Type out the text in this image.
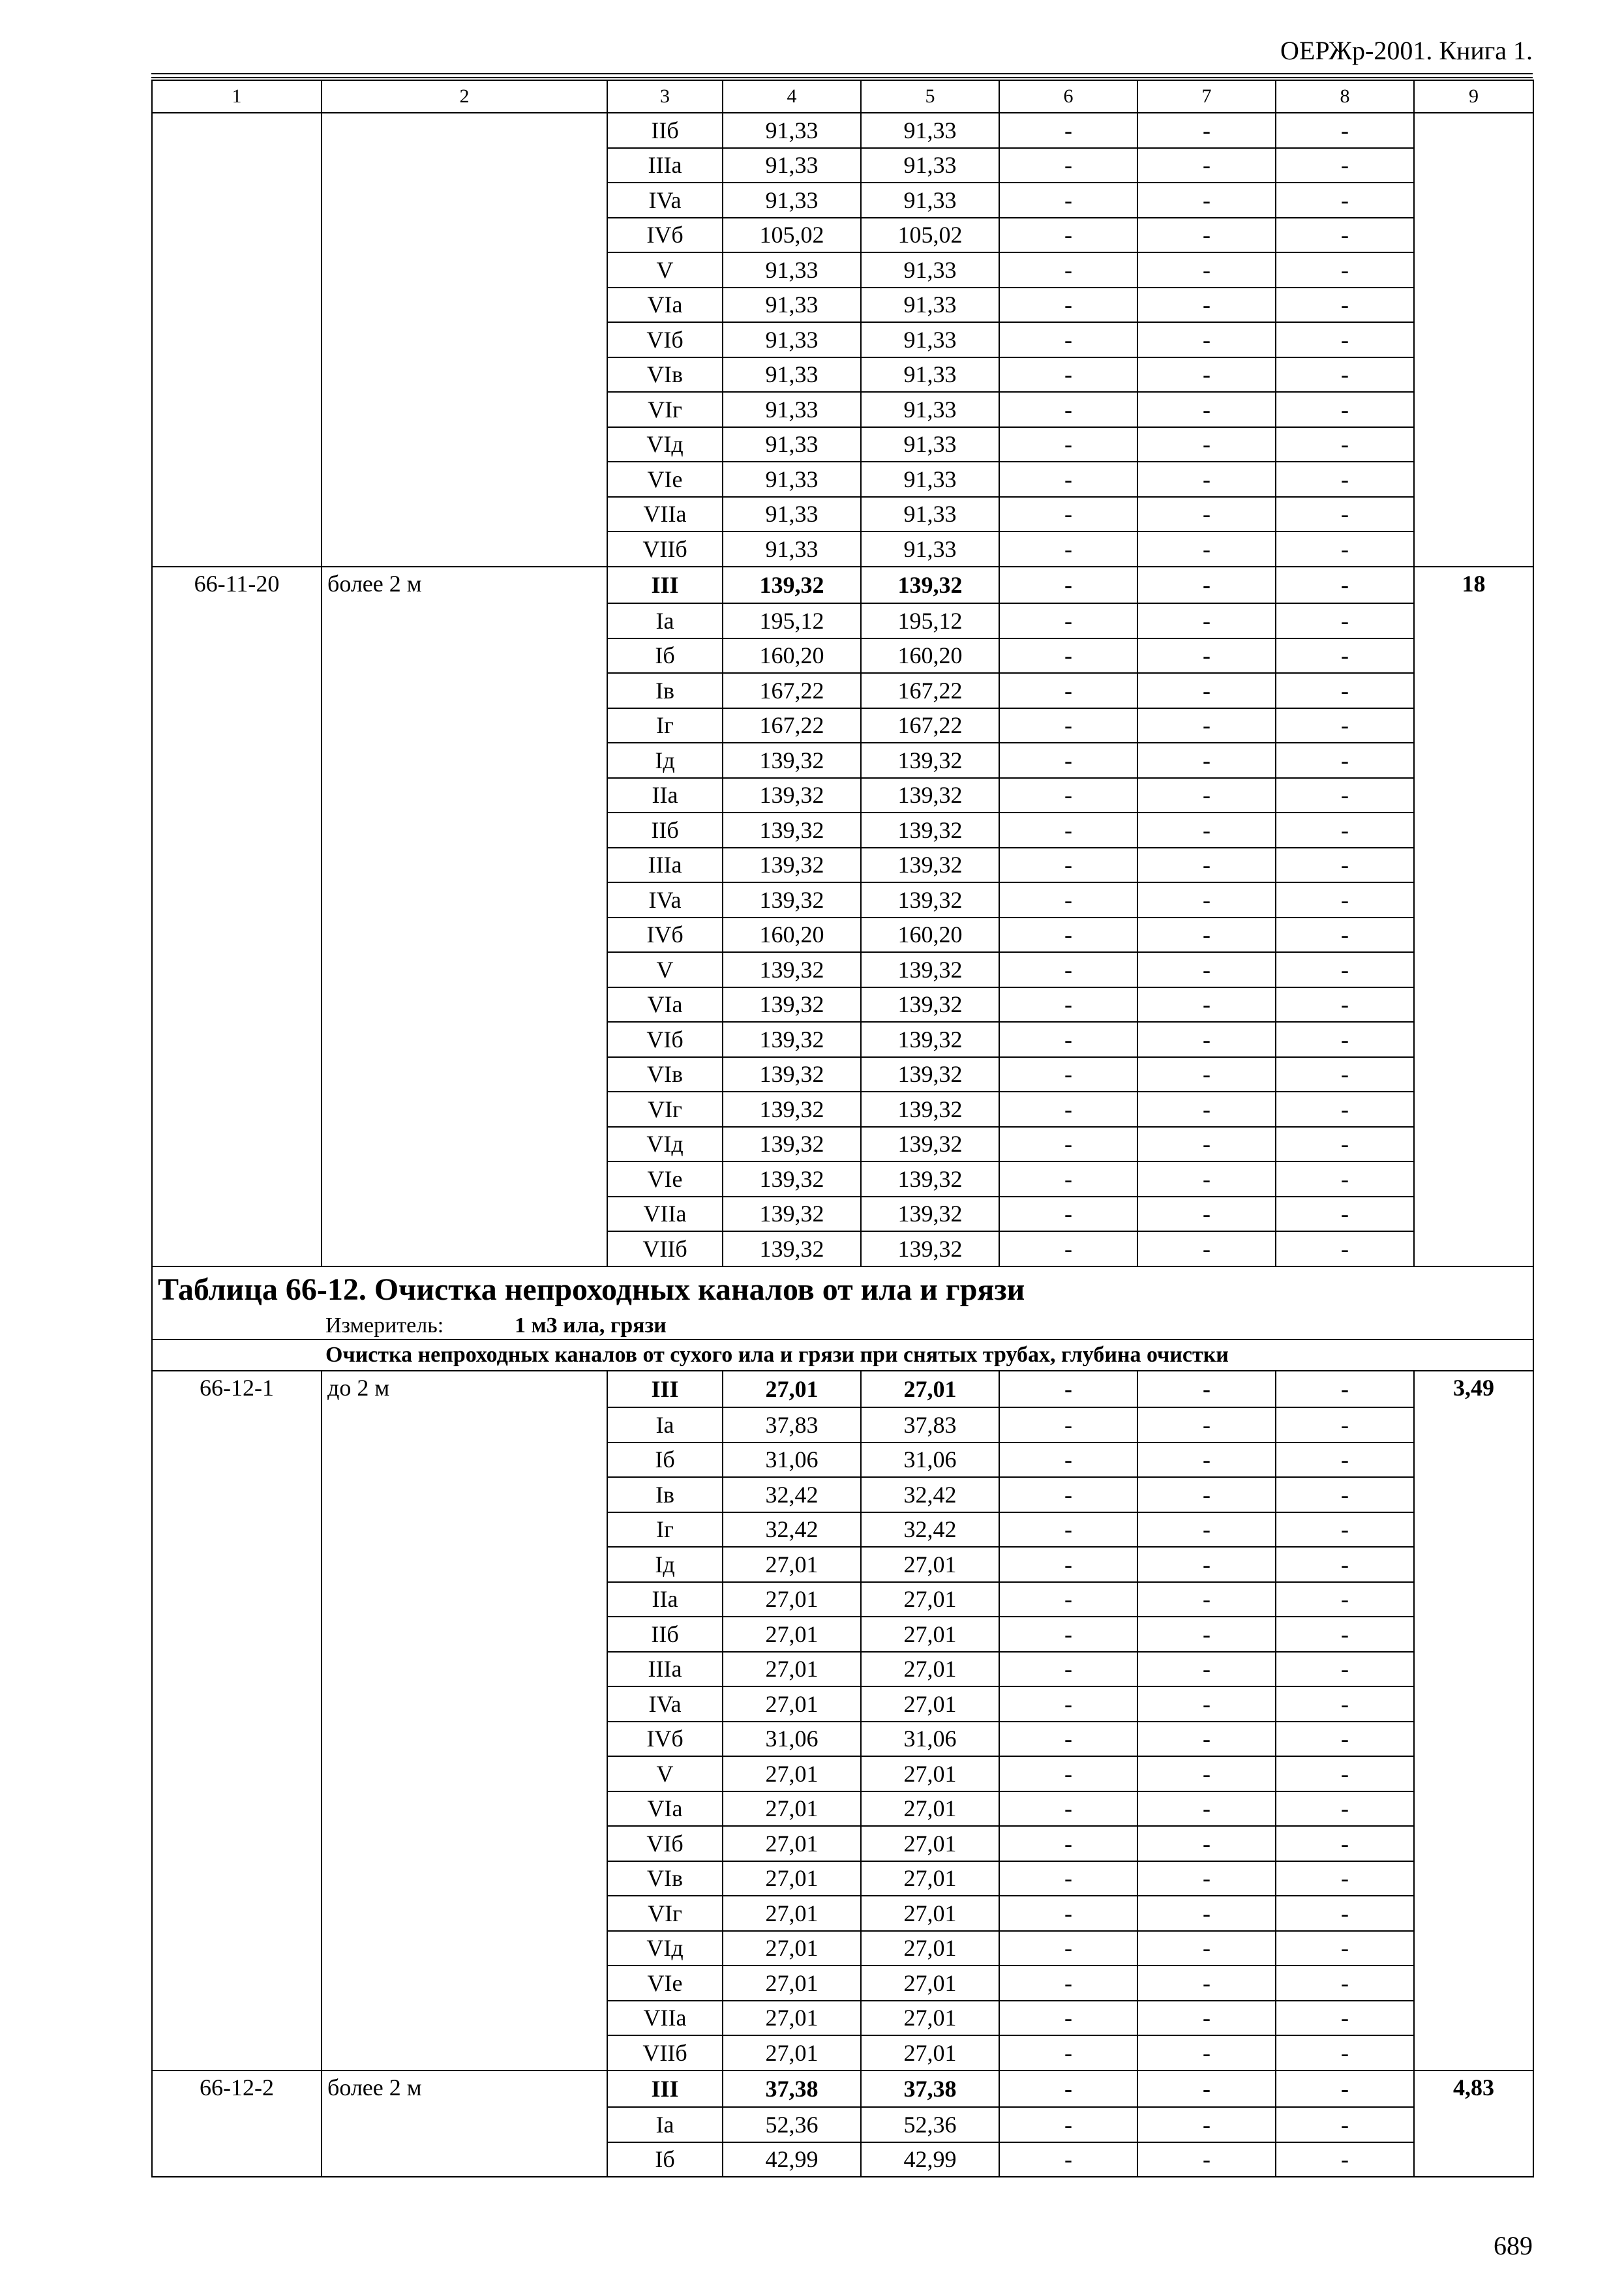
ОЕРЖр-2001. Книга 1.
1	2	3	4	5	6	7	8	9
		IIб	91,33	91,33	-	-	-	
		IIIa	91,33	91,33	-	-	-	
		IVa	91,33	91,33	-	-	-	
		IVб	105,02	105,02	-	-	-	
		V	91,33	91,33	-	-	-	
		VIa	91,33	91,33	-	-	-	
		VIб	91,33	91,33	-	-	-	
		VIв	91,33	91,33	-	-	-	
		VIг	91,33	91,33	-	-	-	
		VIд	91,33	91,33	-	-	-	
		VIe	91,33	91,33	-	-	-	
		VIIa	91,33	91,33	-	-	-	
		VIIб	91,33	91,33	-	-	-	
66-11-20	более 2 м	III	139,32	139,32	-	-	-	18
		Ia	195,12	195,12	-	-	-	
		Iб	160,20	160,20	-	-	-	
		Iв	167,22	167,22	-	-	-	
		Iг	167,22	167,22	-	-	-	
		Iд	139,32	139,32	-	-	-	
		IIa	139,32	139,32	-	-	-	
		IIб	139,32	139,32	-	-	-	
		IIIa	139,32	139,32	-	-	-	
		IVa	139,32	139,32	-	-	-	
		IVб	160,20	160,20	-	-	-	
		V	139,32	139,32	-	-	-	
		VIa	139,32	139,32	-	-	-	
		VIб	139,32	139,32	-	-	-	
		VIв	139,32	139,32	-	-	-	
		VIг	139,32	139,32	-	-	-	
		VIд	139,32	139,32	-	-	-	
		VIe	139,32	139,32	-	-	-	
		VIIa	139,32	139,32	-	-	-	
		VIIб	139,32	139,32	-	-	-	
Таблица 66-12. Очистка непроходных каналов от ила и грязи								
Измеритель: 1 м3 ила, грязи								
Очистка непроходных каналов от сухого ила и грязи при снятых трубах, глубина очистки								
66-12-1	до 2 м	III	27,01	27,01	-	-	-	3,49
		Ia	37,83	37,83	-	-	-	
		Iб	31,06	31,06	-	-	-	
		Iв	32,42	32,42	-	-	-	
		Iг	32,42	32,42	-	-	-	
		Iд	27,01	27,01	-	-	-	
		IIa	27,01	27,01	-	-	-	
		IIб	27,01	27,01	-	-	-	
		IIIa	27,01	27,01	-	-	-	
		IVa	27,01	27,01	-	-	-	
		IVб	31,06	31,06	-	-	-	
		V	27,01	27,01	-	-	-	
		VIa	27,01	27,01	-	-	-	
		VIб	27,01	27,01	-	-	-	
		VIв	27,01	27,01	-	-	-	
		VIг	27,01	27,01	-	-	-	
		VIд	27,01	27,01	-	-	-	
		VIe	27,01	27,01	-	-	-	
		VIIa	27,01	27,01	-	-	-	
		VIIб	27,01	27,01	-	-	-	
66-12-2	более 2 м	III	37,38	37,38	-	-	-	4,83
		Ia	52,36	52,36	-	-	-	
		Iб	42,99	42,99	-	-	-	
689
